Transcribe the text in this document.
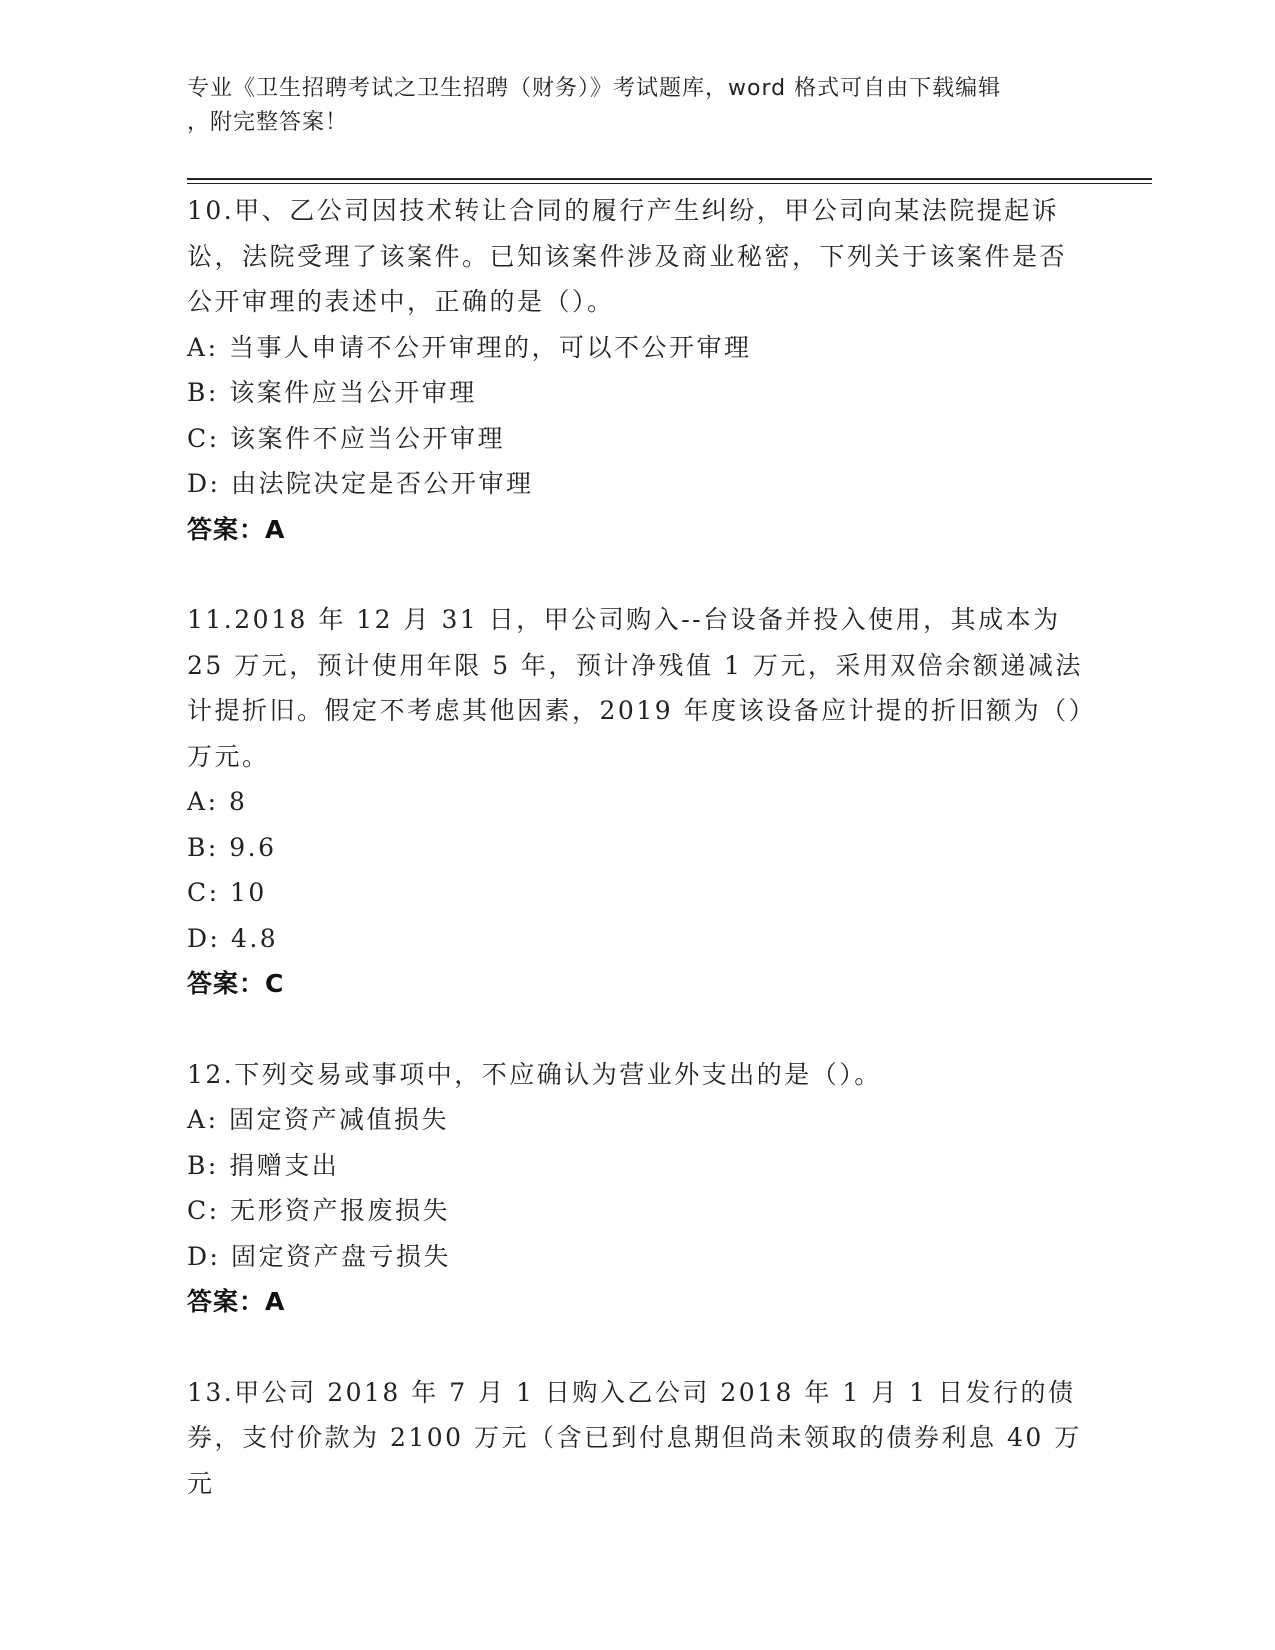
专业《卫生招聘考试之卫生招聘（财务）》考试题库，word 格式可自由下载编辑
，附完整答案！

10.甲、乙公司因技术转让合同的履行产生纠纷，甲公司向某法院提起诉讼，法院受理了该案件。已知该案件涉及商业秘密，下列关于该案件是否公开审理的表述中，正确的是（）。

A: 当事人申请不公开审理的，可以不公开审理

B: 该案件应当公开审理

C: 该案件不应当公开审理

D: 由法院决定是否公开审理

答案：A

11.2018 年 12 月 31 日，甲公司购入--台设备并投入使用，其成本为 25 万元，预计使用年限 5 年，预计净残值 1 万元，采用双倍余额递减法计提折旧。假定不考虑其他因素，2019 年度该设备应计提的折旧额为（）万元。

A: 8

B: 9.6

C: 10

D: 4.8

答案：C

12.下列交易或事项中，不应确认为营业外支出的是（）。

A: 固定资产减值损失

B: 捐赠支出

C: 无形资产报废损失

D: 固定资产盘亏损失

答案：A

13.甲公司 2018 年 7 月 1 日购入乙公司 2018 年 1 月 1 日发行的债券，支付价款为 2100 万元（含已到付息期但尚未领取的债券利息 40 万元
